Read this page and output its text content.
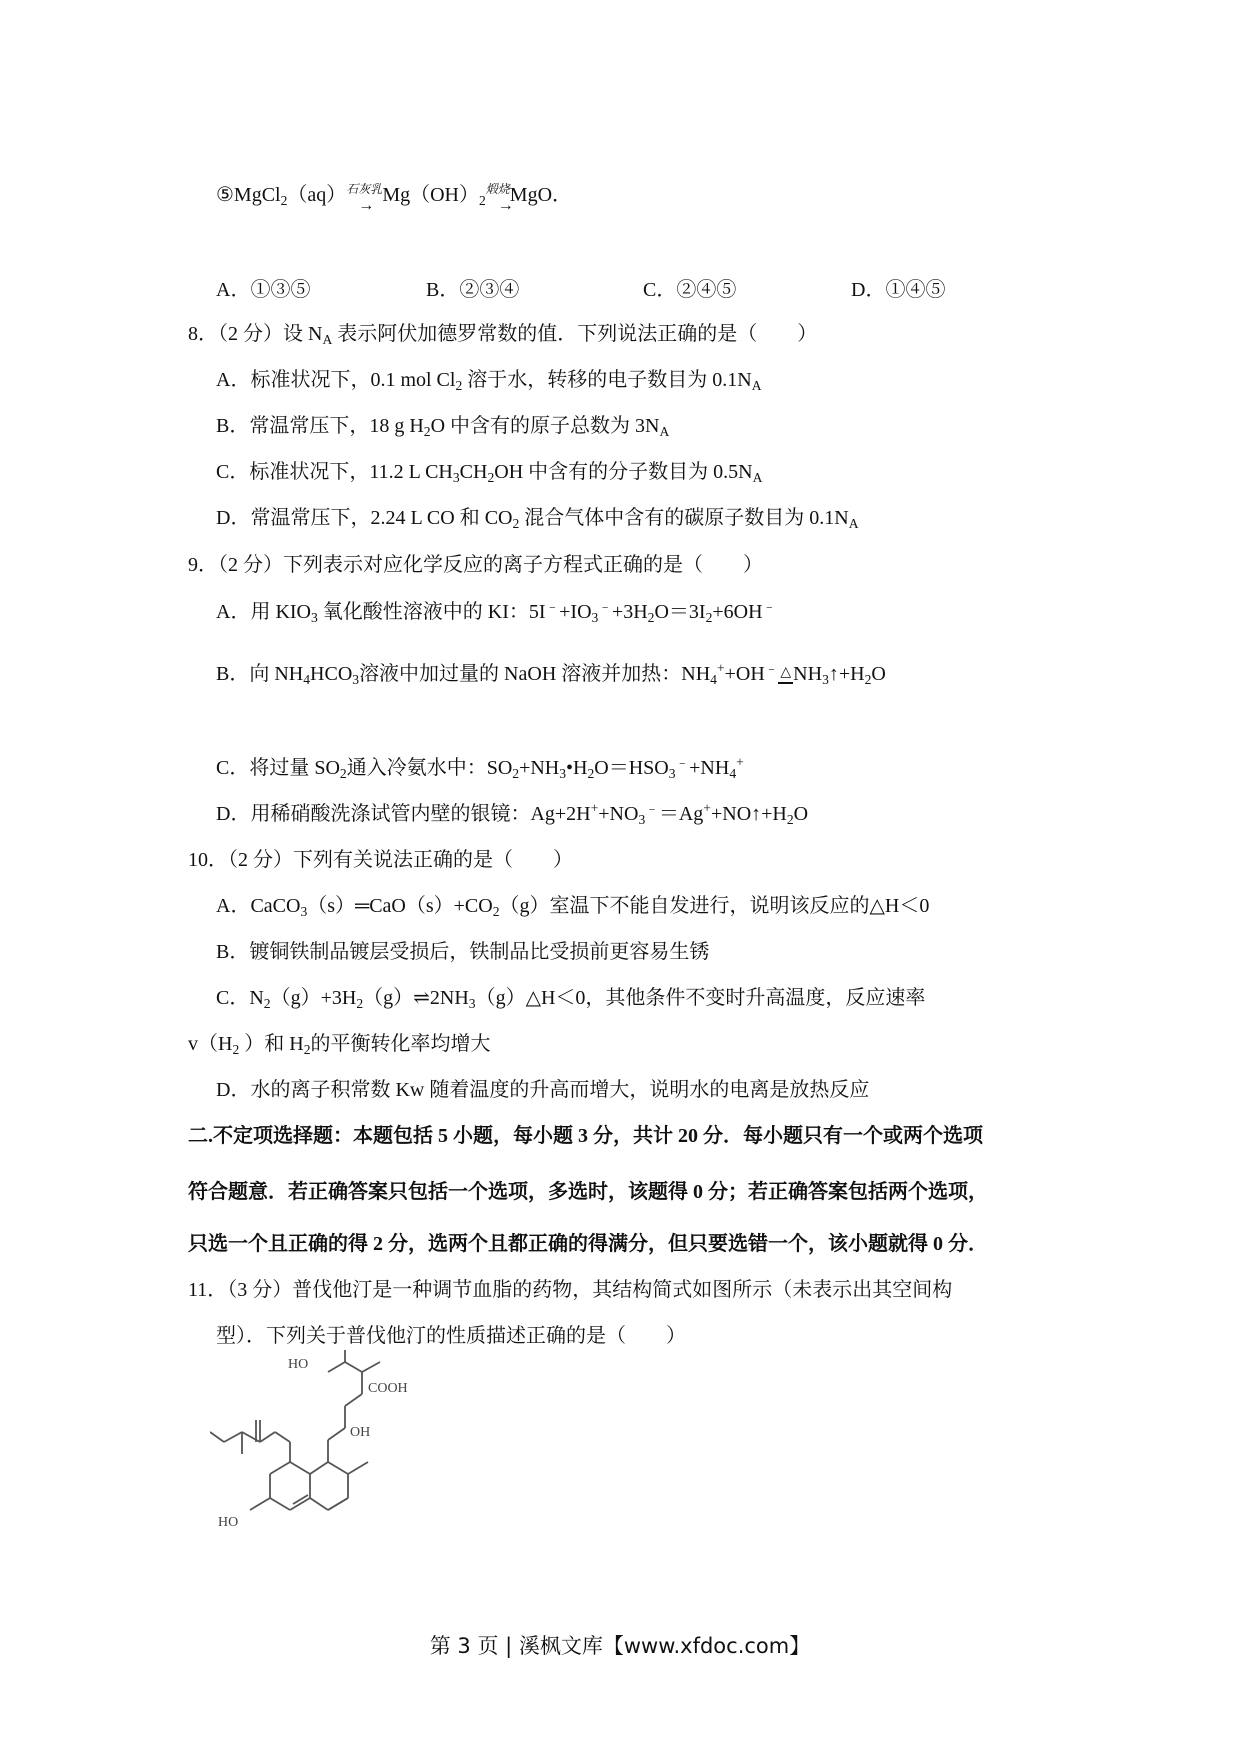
⑤MgCl$_2$（aq）石灰乳
→ $Mg(OH)_2$煅烧
→
MgO．
A．①③⑤	B．②③④	C．②④⑤	D．①④⑤
8．（2 分）设 $N_A$ 表示阿伏加德罗常数的值．下列说法正确的是（　　）
A．标准状况下，0.1 mol $Cl_2$ 溶于水，转移的电子数目为 $0.1N_A$
B．常温常压下，18 g $H_2O$ 中含有的原子总数为 $3N_A$
C．标准状况下，11.2 L $CH_3CH_2OH$ 中含有的分子数目为 $0.5N_A$
D．常温常压下，2.24 L CO 和 $CO_2$ 混合气体中含有的碳原子数目为 $0.1N_A$
9．（2 分）下列表示对应化学反应的离子方程式正确的是（　　）
A．用 $KIO_3$ 氧化酸性溶液中的 KI：$5I^﹣+IO_3^﹣+3H_2O=3I_2+6OH^﹣$
B．向 $NH_4HCO_3$溶液中加过量的 NaOH 溶液并加热：$NH_4^++OH^﹣$ △ $NH_3↑+H_2O$
C．将过量 $SO_2$通入冷氨水中：$SO_2+NH_3•H_2O=HSO_3^﹣+NH_4^+$
D．用稀硝酸洗涤试管内壁的银镜：$Ag+2H^++NO_3^﹣=Ag^++NO↑+H_2O$
10．（2 分）下列有关说法正确的是（　　）
A．$CaCO_3(s)═CaO(s)+CO_2(g)$室温下不能自发进行，说明该反应的△H＜0
B．镀铜铁制品镀层受损后，铁制品比受损前更容易生锈
C．$N_2(g)+3H_2(g)\rightleftharpoons 2NH_3(g)\triangle H<0$，其他条件不变时升高温度，反应速率
$v(H_2$ ）和 $H_2$的平衡转化率均增大
D．水的离子积常数 Kw 随着温度的升高而增大，说明水的电离是放热反应
二.不定项选择题：本题包括 5 小题，每小题 3 分，共计 20 分．每小题只有一个或两个选项
符合题意．若正确答案只包括一个选项，多选时，该题得 0 分；若正确答案包括两个选项，
只选一个且正确的得 2 分，选两个且都正确的得满分，但只要选错一个，该小题就得 0 分．
11．（3 分）普伐他汀是一种调节血脂的药物，其结构简式如图所示（未表示出其空间构
型）．下列关于普伐他汀的性质描述正确的是（　　）
HO
COOH
OH
HO
第 3 页 | 溪枫文库【www.xfdoc.com】
